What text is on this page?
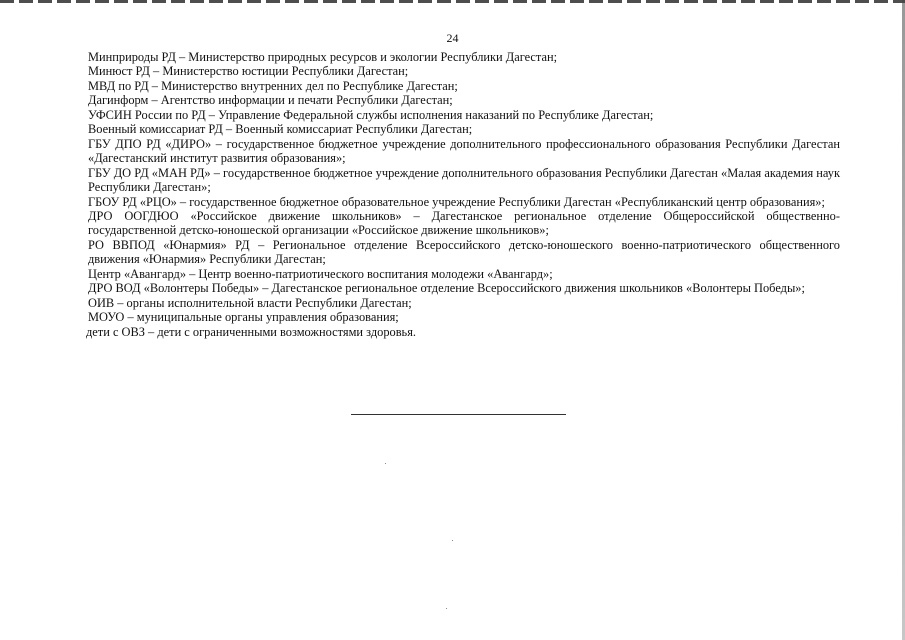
24

Минприроды РД – Министерство природных ресурсов и экологии Республики Дагестан;

Минюст РД – Министерство юстиции Республики Дагестан;

МВД по РД – Министерство внутренних дел по Республике Дагестан;

Дагинформ – Агентство информации и печати Республики Дагестан;

УФСИН России по РД – Управление Федеральной службы исполнения наказаний по Республике Дагестан;

Военный комиссариат РД – Военный комиссариат Республики Дагестан;

ГБУ ДПО РД «ДИРО» – государственное бюджетное учреждение дополнительного профессионального образования Республики Дагестан «Дагестанский институт развития образования»;

ГБУ ДО РД «МАН РД» – государственное бюджетное учреждение дополнительного образования Республики Дагестан «Малая академия наук Республики Дагестан»;

ГБОУ РД «РЦО» – государственное бюджетное образовательное учреждение Республики Дагестан «Республиканский центр образования»;

ДРО ООГДЮО «Российское движение школьников» – Дагестанское региональное отделение Общероссийской общественно-государственной детско-юношеской организации «Российское движение школьников»;

РО ВВПОД «Юнармия» РД – Региональное отделение Всероссийского детско-юношеского военно-патриотического общественного движения «Юнармия» Республики Дагестан;

Центр «Авангард» – Центр военно-патриотического воспитания молодежи «Авангард»;

ДРО ВОД «Волонтеры Победы» – Дагестанское региональное отделение Всероссийского движения школьников «Волонтеры Победы»;

ОИВ – органы исполнительной власти Республики Дагестан;

МОУО – муниципальные органы управления образования;

дети с ОВЗ – дети с ограниченными возможностями здоровья.
